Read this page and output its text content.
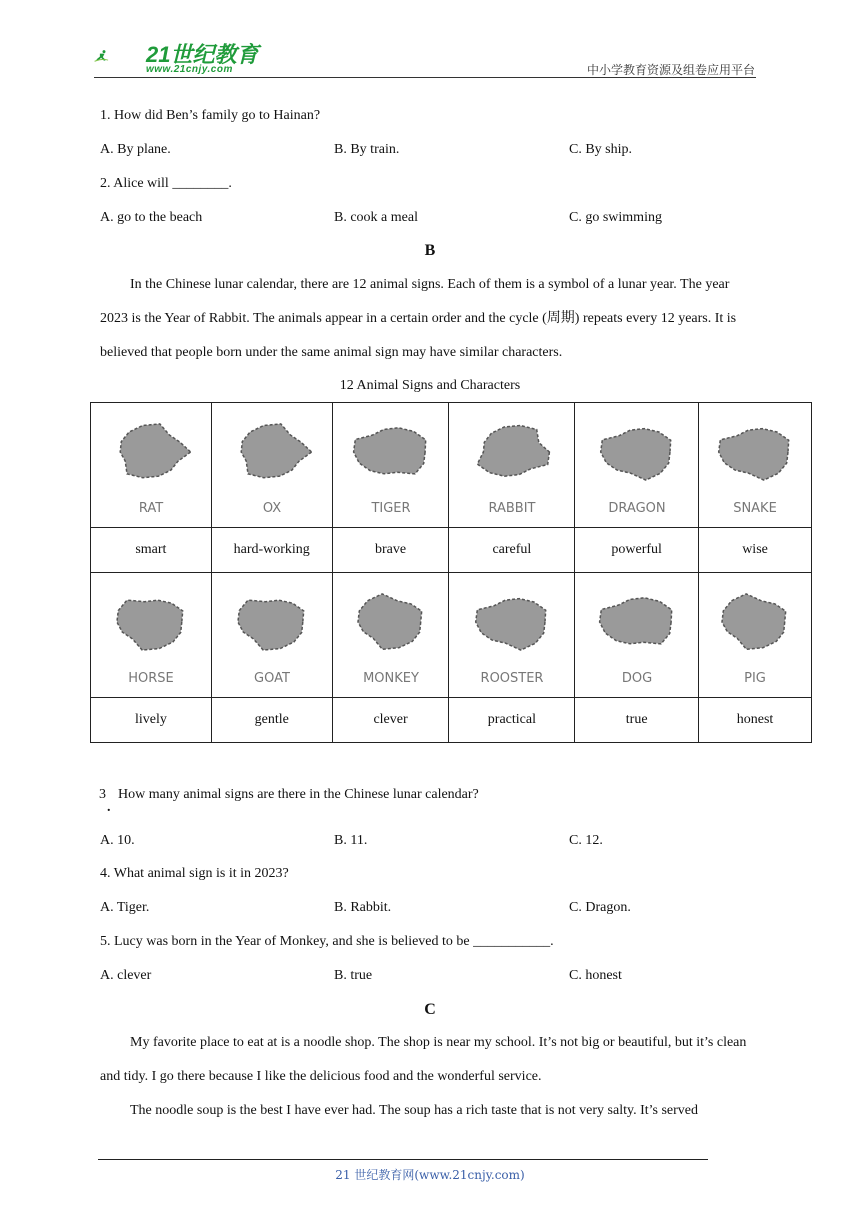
21世纪教育
www.21cnjy.com	中小学教育资源及组卷应用平台
1. How did Ben’s family go to Hainan?
A. By plane.	B. By train.	C. By ship.
2. Alice will ________.
A. go to the beach	B. cook a meal	C. go swimming
B

In the Chinese lunar calendar, there are 12 animal signs. Each of them is a symbol of a lunar year. The year 2023 is the Year of Rabbit. The animals appear in a certain order and the cycle (周期) repeats every 12 years. It is believed that people born under the same animal sign may have similar characters.

12 Animal Signs and Characters
RAT	OX	TIGER	RABBIT	DRAGON	SNAKE

smart	hard-working	brave	careful	powerful	wise

HORSE	GOAT	MONKEY	ROOSTER	DOG	PIG

lively	gentle	clever	practical	true	honest
3 How many animal signs are there in the Chinese lunar calendar?
.
A. 10.	B. 11.	C. 12.
4. What animal sign is it in 2023?
A. Tiger.	B. Rabbit.	C. Dragon.
5. Lucy was born in the Year of Monkey, and she is believed to be ___________.
A. clever	B. true	C. honest
C

My favorite place to eat at is a noodle shop. The shop is near my school. It’s not big or beautiful, but it’s clean and tidy. I go there because I like the delicious food and the wonderful service.

The noodle soup is the best I have ever had. The soup has a rich taste that is not very salty. It’s served

21 世纪教育网(www.21cnjy.com)
